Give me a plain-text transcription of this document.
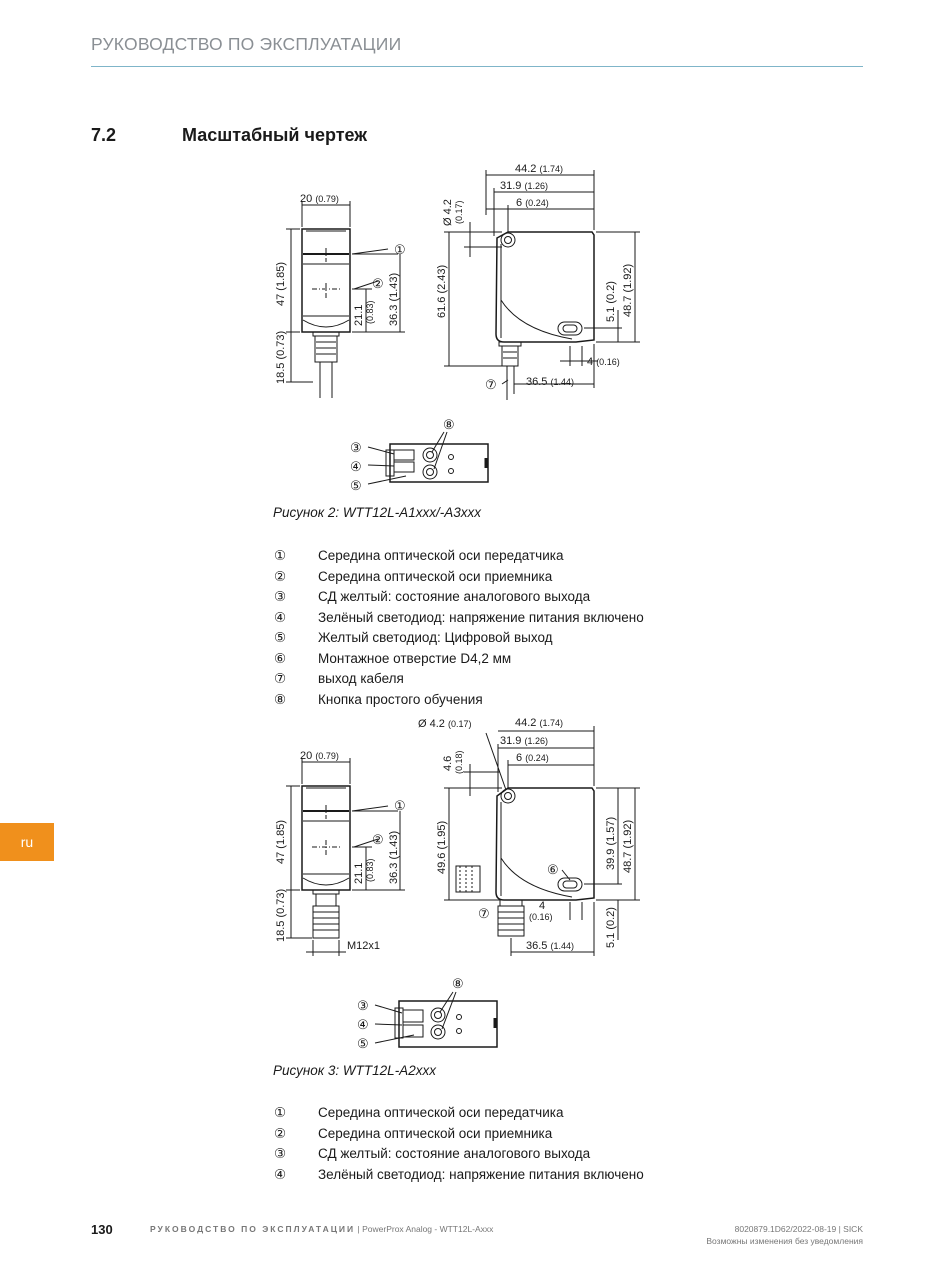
РУКОВОДСТВО ПО ЭКСПЛУАТАЦИИ
7.2	Масштабный чертеж
20 (0.79)
47 (1.85)
18.5 (0.73)
21.1 (0.83) 36.3 (1.43)
44.2 (1.74)
31.9 (1.26)
6 (0.24)
Ø 4.2 (0.17)
61.6 (2.43)	5.1 (0.2) 48.7 (1.92)
4 (0.16)
36.5 (1.44)
①
②
③
④
⑤
⑦
⑧
20 (0.79)
47 (1.85)
18.5 (0.73)
21.1 (0.83) 36.3 (1.43)
M12x1
44.2 (1.74)
31.9 (1.26)
6 (0.24)
Ø 4.2 (0.17)
4.6 (0.18)
49.6 (1.95)	39.9 (1.57) 48.7 (1.92)
4
(0.16)
36.5 (1.44)	5.1 (0.2)
①
②
③
④
⑤
⑥
⑦
⑧
Рисунок 2: WTT12L-A1xxx/-A3xxx
① Середина оптической оси передатчика
② Середина оптической оси приемника
③ СД желтый: состояние аналогового выхода
④ Зелёный светодиод: напряжение питания включено
⑤ Желтый светодиод: Цифровой выход
⑥ Монтажное отверстие D4,2 мм
⑦ выход кабеля
⑧ Кнопка простого обучения
Рисунок 3: WTT12L-A2xxx
① Середина оптической оси передатчика
② Середина оптической оси приемника
③ СД желтый: состояние аналогового выхода
④ Зелёный светодиод: напряжение питания включено
ru
130	РУКОВОДСТВО ПО ЭКСПЛУАТАЦИИ | PowerProx Analog - WTT12L-Axxx	8020879.1D62/2022-08-19 | SICK
Возможны изменения без уведомления
